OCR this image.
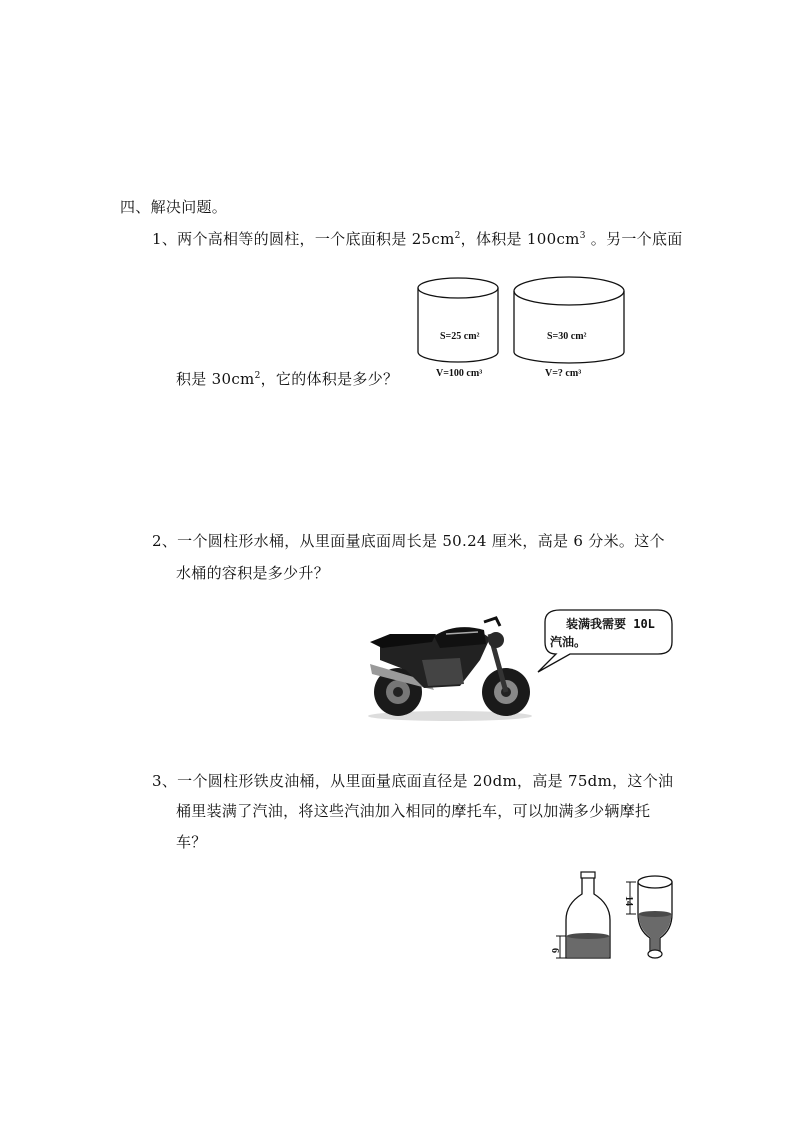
四、解决问题。
1、两个高相等的圆柱，一个底面积是 $25cm^2$，体积是 $100cm^3$ 。另一个底面
积是 $30cm^2$，它的体积是多少？
S=25 cm²
V=100 cm³
S=30 cm²
V=? cm³
2、一个圆柱形水桶，从里面量底面周长是 50.24 厘米，高是 6 分米。这个
水桶的容积是多少升？
装满我需要 10L
汽油。
3、一个圆柱形铁皮油桶，从里面量底面直径是 20dm，高是 75dm，这个油
桶里装满了汽油，将这些汽油加入相同的摩托车，可以加满多少辆摩托
车？
6
14
